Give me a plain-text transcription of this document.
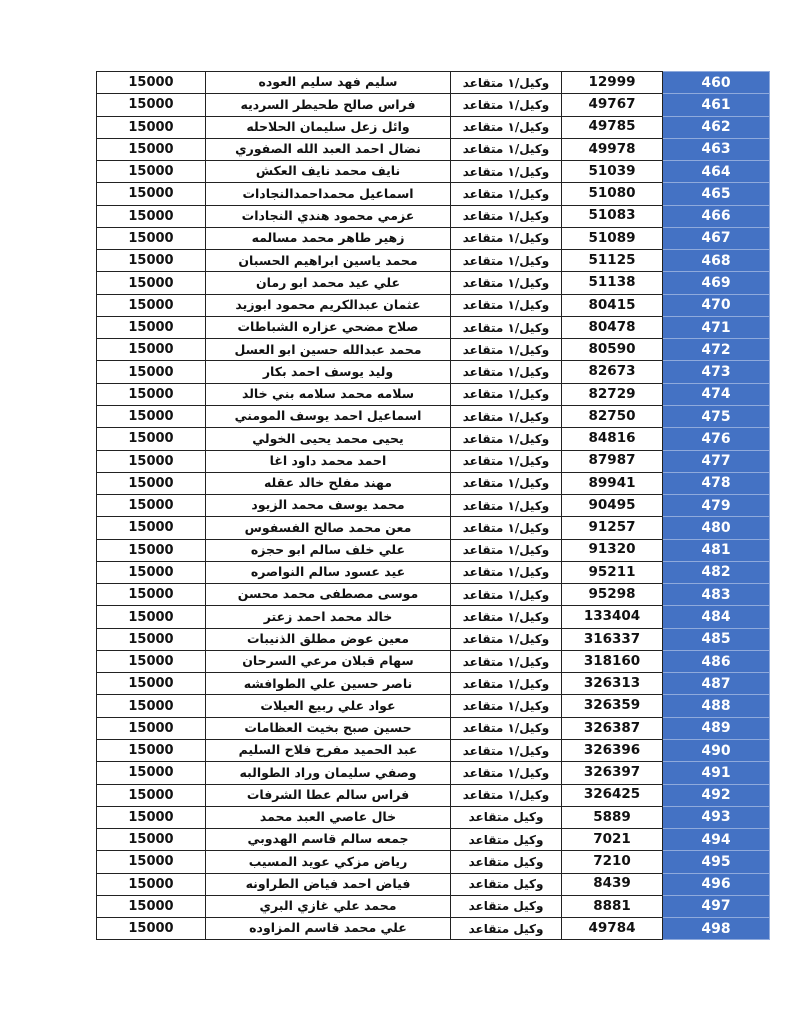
15000	سليم فهد سليم العوده	وكيل/١ متقاعد	12999	460
15000	فراس صالح طحيطر السرديه	وكيل/١ متقاعد	49767	461
15000	وائل زعل سليمان الحلاحله	وكيل/١ متقاعد	49785	462
15000	نضال احمد العبد الله الصفوري	وكيل/١ متقاعد	49978	463
15000	نايف محمد نايف العكش	وكيل/١ متقاعد	51039	464
15000	اسماعيل محمداحمدالنجادات	وكيل/١ متقاعد	51080	465
15000	عزمي محمود هندي النجادات	وكيل/١ متقاعد	51083	466
15000	زهير طاهر محمد مسالمه	وكيل/١ متقاعد	51089	467
15000	محمد ياسين ابراهيم الحسبان	وكيل/١ متقاعد	51125	468
15000	علي عيد محمد ابو رمان	وكيل/١ متقاعد	51138	469
15000	عثمان عبدالكريم محمود ابوزيد	وكيل/١ متقاعد	80415	470
15000	صلاح مضحي عزاره الشباطات	وكيل/١ متقاعد	80478	471
15000	محمد عبدالله حسين ابو العسل	وكيل/١ متقاعد	80590	472
15000	وليد يوسف احمد بكار	وكيل/١ متقاعد	82673	473
15000	سلامه محمد سلامه بني خالد	وكيل/١ متقاعد	82729	474
15000	اسماعيل احمد يوسف المومني	وكيل/١ متقاعد	82750	475
15000	يحيى محمد يحيى الخولي	وكيل/١ متقاعد	84816	476
15000	احمد محمد داود اغا	وكيل/١ متقاعد	87987	477
15000	مهند مفلح خالد عقله	وكيل/١ متقاعد	89941	478
15000	محمد يوسف محمد الزيود	وكيل/١ متقاعد	90495	479
15000	معن محمد صالح الفسفوس	وكيل/١ متقاعد	91257	480
15000	علي خلف سالم ابو حجزه	وكيل/١ متقاعد	91320	481
15000	عيد عسود سالم النواصره	وكيل/١ متقاعد	95211	482
15000	موسى مصطفى محمد محسن	وكيل/١ متقاعد	95298	483
15000	خالد محمد احمد زعتر	وكيل/١ متقاعد	133404	484
15000	معين عوض مطلق الذنيبات	وكيل/١ متقاعد	316337	485
15000	سهام قبلان مرعي السرحان	وكيل/١ متقاعد	318160	486
15000	ناصر حسين علي الطوافشه	وكيل/١ متقاعد	326313	487
15000	عواد علي ربيع العيلات	وكيل/١ متقاعد	326359	488
15000	حسين صبح بخيت العظامات	وكيل/١ متقاعد	326387	489
15000	عبد الحميد مفرح فلاح السليم	وكيل/١ متقاعد	326396	490
15000	وصفي سليمان وراد الطوالبه	وكيل/١ متقاعد	326397	491
15000	فراس سالم عطا الشرفات	وكيل/١ متقاعد	326425	492
15000	خال عاصي العبد محمد	وكيل متقاعد	5889	493
15000	جمعه سالم قاسم الهدوبي	وكيل متقاعد	7021	494
15000	رياض مزكي عويد المسيب	وكيل متقاعد	7210	495
15000	فياض احمد فياض الطراونه	وكيل متقاعد	8439	496
15000	محمد علي غازي البري	وكيل متقاعد	8881	497
15000	علي محمد قاسم المزاوده	وكيل متقاعد	49784	498
